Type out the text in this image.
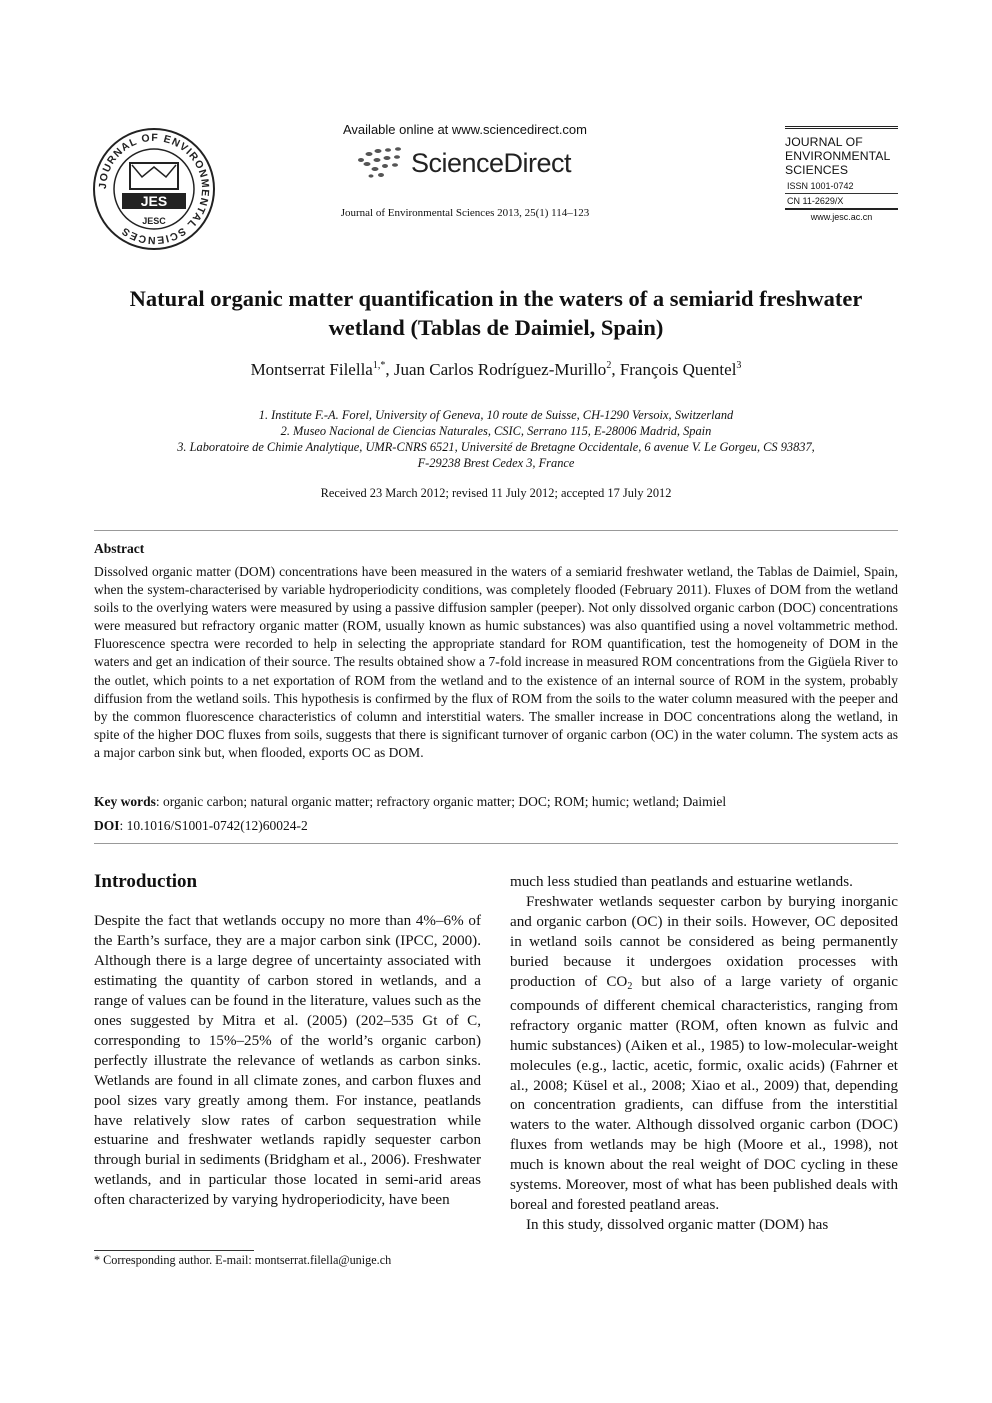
JOURNAL OF ENVIRONMENTAL SCIENCES
JES
JESC
Available online at www.sciencedirect.com
ScienceDirect
Journal of Environmental Sciences 2013, 25(1) 114–123
JOURNAL OF
ENVIRONMENTAL
SCIENCES
ISSN 1001-0742
CN 11-2629/X
www.jesc.ac.cn
Natural organic matter quantification in the waters of a semiarid freshwater
wetland (Tablas de Daimiel, Spain)
Montserrat Filella$^{1,*}$, Juan Carlos Rodríguez-Murillo$^2$, François Quentel$^3$
1. Institute F.-A. Forel, University of Geneva, 10 route de Suisse, CH-1290 Versoix, Switzerland
2. Museo Nacional de Ciencias Naturales, CSIC, Serrano 115, E-28006 Madrid, Spain
3. Laboratoire de Chimie Analytique, UMR-CNRS 6521, Université de Bretagne Occidentale, 6 avenue V. Le Gorgeu, CS 93837,
F-29238 Brest Cedex 3, France
Received 23 March 2012; revised 11 July 2012; accepted 17 July 2012
Abstract
Dissolved organic matter (DOM) concentrations have been measured in the waters of a semiarid freshwater wetland, the Tablas de Daimiel, Spain, when the system-characterised by variable hydroperiodicity conditions, was completely flooded (February 2011). Fluxes of DOM from the wetland soils to the overlying waters were measured by using a passive diffusion sampler (peeper). Not only dissolved organic carbon (DOC) concentrations were measured but refractory organic matter (ROM, usually known as humic substances) was also quantified using a novel voltammetric method. Fluorescence spectra were recorded to help in selecting the appropriate standard for ROM quantification, test the homogeneity of DOM in the waters and get an indication of their source. The results obtained show a 7-fold increase in measured ROM concentrations from the Gigüela River to the outlet, which points to a net exportation of ROM from the wetland and to the existence of an internal source of ROM in the system, probably diffusion from the wetland soils. This hypothesis is confirmed by the flux of ROM from the soils to the water column measured with the peeper and by the common fluorescence characteristics of column and interstitial waters. The smaller increase in DOC concentrations along the wetland, in spite of the higher DOC fluxes from soils, suggests that there is significant turnover of organic carbon (OC) in the water column. The system acts as a major carbon sink but, when flooded, exports OC as DOM.
Key words: organic carbon; natural organic matter; refractory organic matter; DOC; ROM; humic; wetland; Daimiel
DOI: 10.1016/S1001-0742(12)60024-2
Introduction

Despite the fact that wetlands occupy no more than 4%–6% of the Earth’s surface, they are a major carbon sink (IPCC, 2000). Although there is a large degree of uncertainty associated with estimating the quantity of carbon stored in wetlands, and a range of values can be found in the literature, values such as the ones suggested by Mitra et al. (2005) (202–535 Gt of C, corresponding to 15%–25% of the world’s organic carbon) perfectly illustrate the relevance of wetlands as carbon sinks. Wetlands are found in all climate zones, and carbon fluxes and pool sizes vary greatly among them. For instance, peatlands have relatively slow rates of carbon sequestration while estuarine and freshwater wetlands rapidly sequester carbon through burial in sediments (Bridgham et al., 2006). Freshwater wetlands, and in particular those located in semi-arid areas often characterized by varying hydroperiodicity, have been

much less studied than peatlands and estuarine wetlands.

Freshwater wetlands sequester carbon by burying inorganic and organic carbon (OC) in their soils. However, OC deposited in wetland soils cannot be considered as being permanently buried because it undergoes oxidation processes with production of $CO_2$ but also of a large variety of organic compounds of different chemical characteristics, ranging from refractory organic matter (ROM, often known as fulvic and humic substances) (Aiken et al., 1985) to low-molecular-weight molecules (e.g., lactic, acetic, formic, oxalic acids) (Fahrner et al., 2008; Küsel et al., 2008; Xiao et al., 2009) that, depending on concentration gradients, can diffuse from the interstitial waters to the water. Although dissolved organic carbon (DOC) fluxes from wetlands may be high (Moore et al., 1998), not much is known about the real weight of DOC cycling in these systems. Moreover, most of what has been published deals with boreal and forested peatland areas.

In this study, dissolved organic matter (DOM) has

* Corresponding author. E-mail: montserrat.filella@unige.ch
